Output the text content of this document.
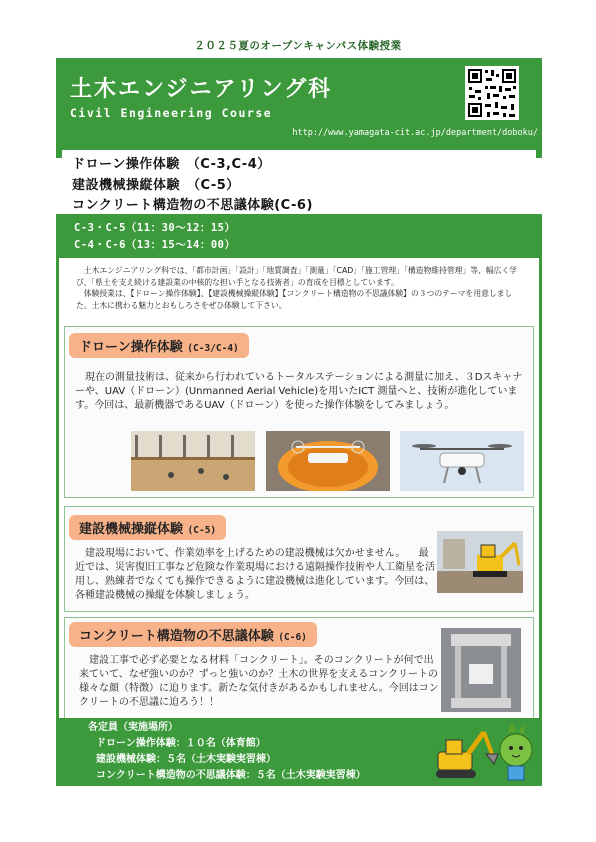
２０２５夏のオープンキャンパス体験授業
土木エンジニアリング科
Civil Engineering Course
http://www.yamagata-cit.ac.jp/department/doboku/
ドローン操作体験　（C-3,C-4）
建設機械操縦体験　（C-5）
コンクリート構造物の不思議体験(C-6)
C-3・C-5（11：30〜12：15）
C-4・C-6（13：15〜14：00）
　土木エンジニアリング科では、「都市計画」「設計」「地質調査」「測量」「CAD」「施工管理」「構造物維持管理」等、幅広く学び、「県土を支え続ける建設業の中核的な担い手となる技術者」の育成を目標としています。
　体験授業は、【ドローン操作体験】、【建設機械操縦体験】【コンクリート構造物の不思議体験】の３つのテーマを用意しました。土木に携わる魅力とおもしろさをぜひ体験して下さい。
ドローン操作体験 (C-3/C-4)
　現在の測量技術は、従来から行われているトータルステーションによる測量に加え、３Dスキャナーや、UAV（ドローン）(Unmanned Aerial Vehicle)を用いたICT 測量へと、技術が進化しています。今回は、最新機器であるUAV（ドローン）を使った操作体験をしてみましょう。
建設機械操縦体験 (C-5)
　建設現場において、作業効率を上げるための建設機械は欠かせません。 　最近では、災害復旧工事など危険な作業現場における遠隔操作技術や人工衛星を活用し、熟練者でなくても操作できるように建設機械は進化しています。今回は、各種建設機械の操縦を体験しましょう。
コンクリート構造物の不思議体験 (C-6)
　建設工事で必ず必要となる材料「コンクリート」。そのコンクリートが何で出来ていて、なぜ強いのか？ずっと強いのか？土木の世界を支えるコンクリートの様々な顔（特徴）に迫ります。新たな気付きがあるかもしれません。今回はコンクリートの不思議に迫ろう！！
各定員（実施場所）
ドローン操作体験：１０名（体育館）
建設機械体験：５名（土木実験実習棟）
コンクリート構造物の不思議体験：５名（土木実験実習棟）
